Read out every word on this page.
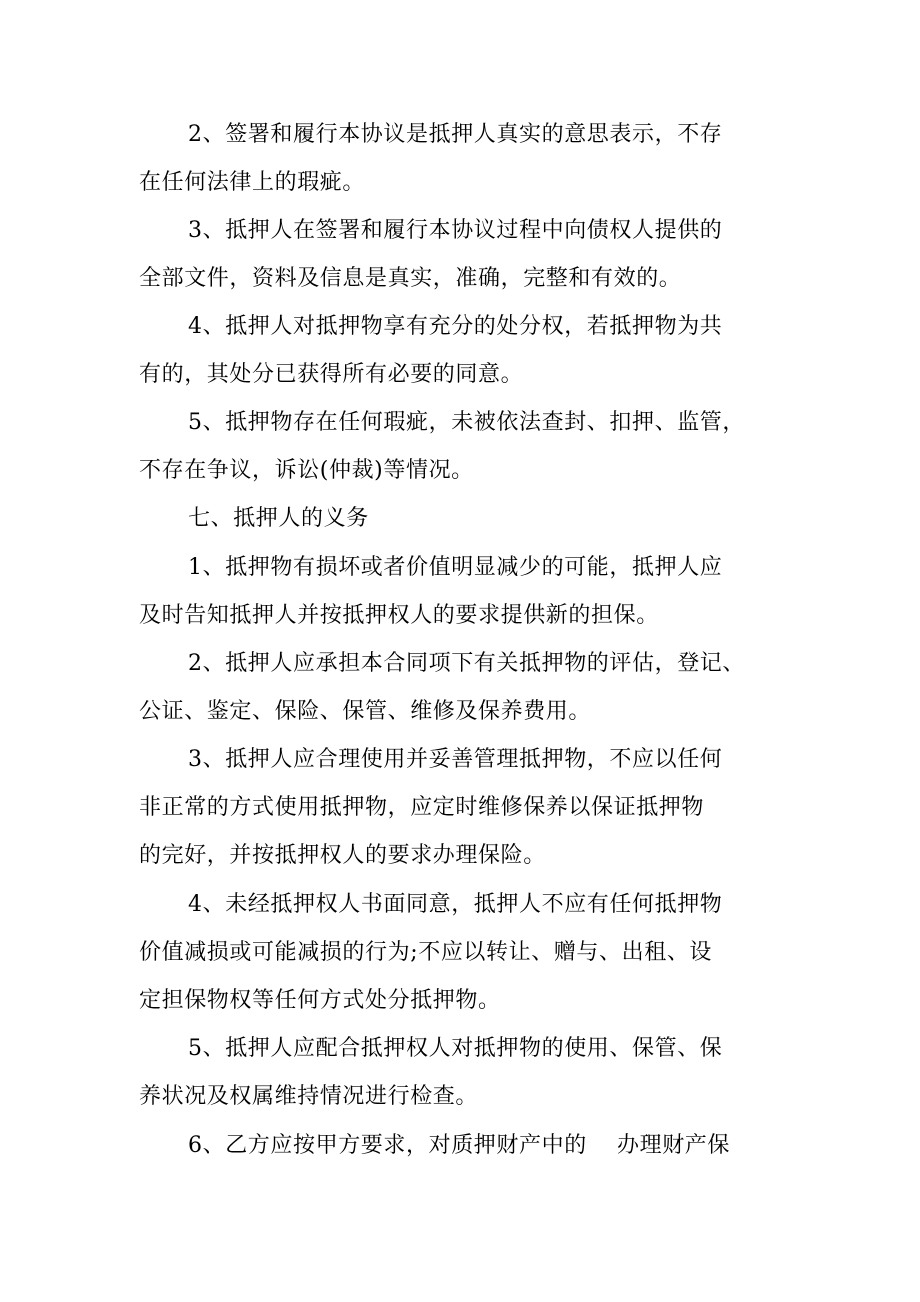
2、签署和履行本协议是抵押人真实的意思表示，不存
在任何法律上的瑕疵。
3、抵押人在签署和履行本协议过程中向债权人提供的
全部文件，资料及信息是真实，准确，完整和有效的。
4、抵押人对抵押物享有充分的处分权，若抵押物为共
有的，其处分已获得所有必要的同意。
5、抵押物存在任何瑕疵，未被依法查封、扣押、监管，
不存在争议，诉讼(仲裁)等情况。
七、抵押人的义务
1、抵押物有损坏或者价值明显减少的可能，抵押人应
及时告知抵押人并按抵押权人的要求提供新的担保。
2、抵押人应承担本合同项下有关抵押物的评估，登记、
公证、鉴定、保险、保管、维修及保养费用。
3、抵押人应合理使用并妥善管理抵押物，不应以任何
非正常的方式使用抵押物，应定时维修保养以保证抵押物
的完好，并按抵押权人的要求办理保险。
4、未经抵押权人书面同意，抵押人不应有任何抵押物
价值减损或可能减损的行为;不应以转让、赠与、出租、设
定担保物权等任何方式处分抵押物。
5、抵押人应配合抵押权人对抵押物的使用、保管、保
养状况及权属维持情况进行检查。
6、乙方应按甲方要求，对质押财产中的　 办理财产保
